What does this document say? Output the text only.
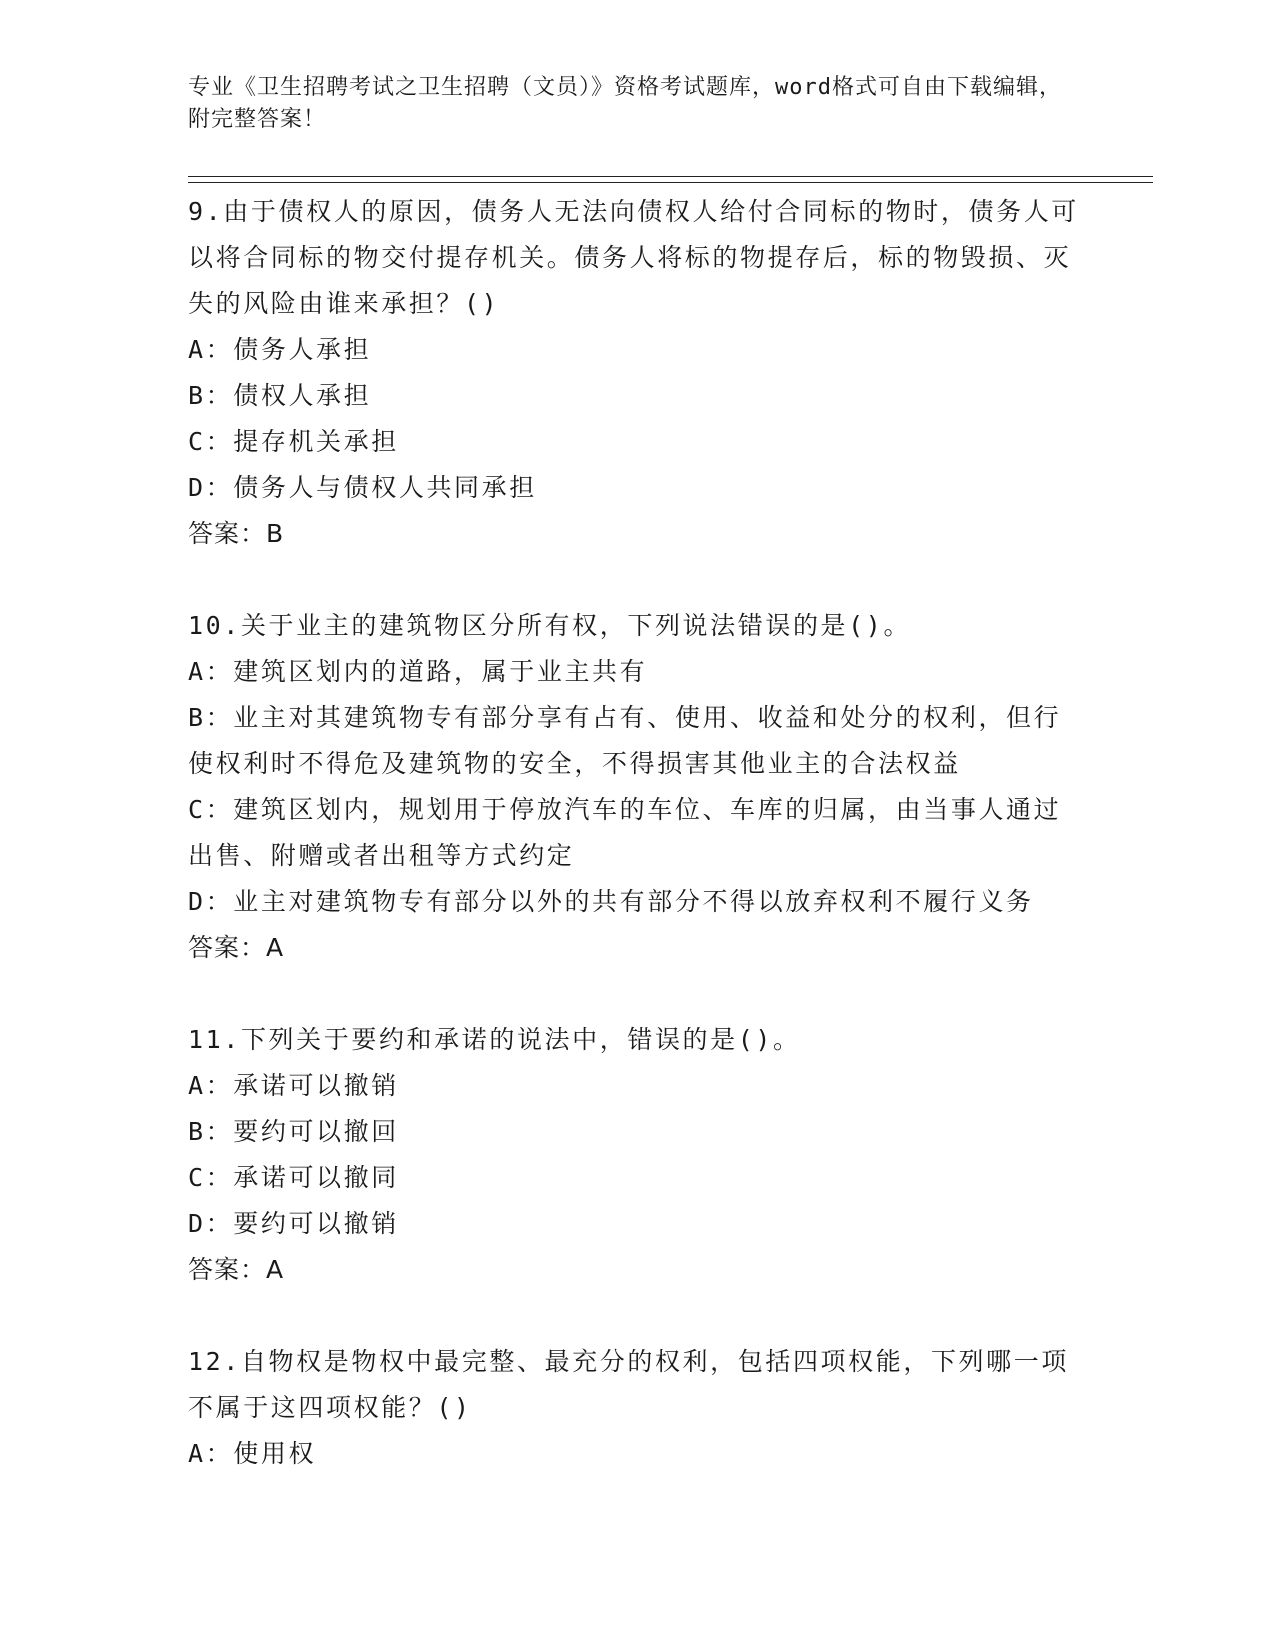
专业《卫生招聘考试之卫生招聘（文员）》资格考试题库，word格式可自由下载编辑，附完整答案！

9.由于债权人的原因，债务人无法向债权人给付合同标的物时，债务人可以将合同标的物交付提存机关。债务人将标的物提存后，标的物毁损、灭失的风险由谁来承担？()

A：债务人承担

B：债权人承担

C：提存机关承担

D：债务人与债权人共同承担

答案：B

10.关于业主的建筑物区分所有权，下列说法错误的是()。

A：建筑区划内的道路，属于业主共有

B：业主对其建筑物专有部分享有占有、使用、收益和处分的权利，但行使权利时不得危及建筑物的安全，不得损害其他业主的合法权益

C：建筑区划内，规划用于停放汽车的车位、车库的归属，由当事人通过出售、附赠或者出租等方式约定

D：业主对建筑物专有部分以外的共有部分不得以放弃权利不履行义务

答案：A

11.下列关于要约和承诺的说法中，错误的是()。

A：承诺可以撤销

B：要约可以撤回

C：承诺可以撤同

D：要约可以撤销

答案：A

12.自物权是物权中最完整、最充分的权利，包括四项权能，下列哪一项不属于这四项权能？()

A：使用权
